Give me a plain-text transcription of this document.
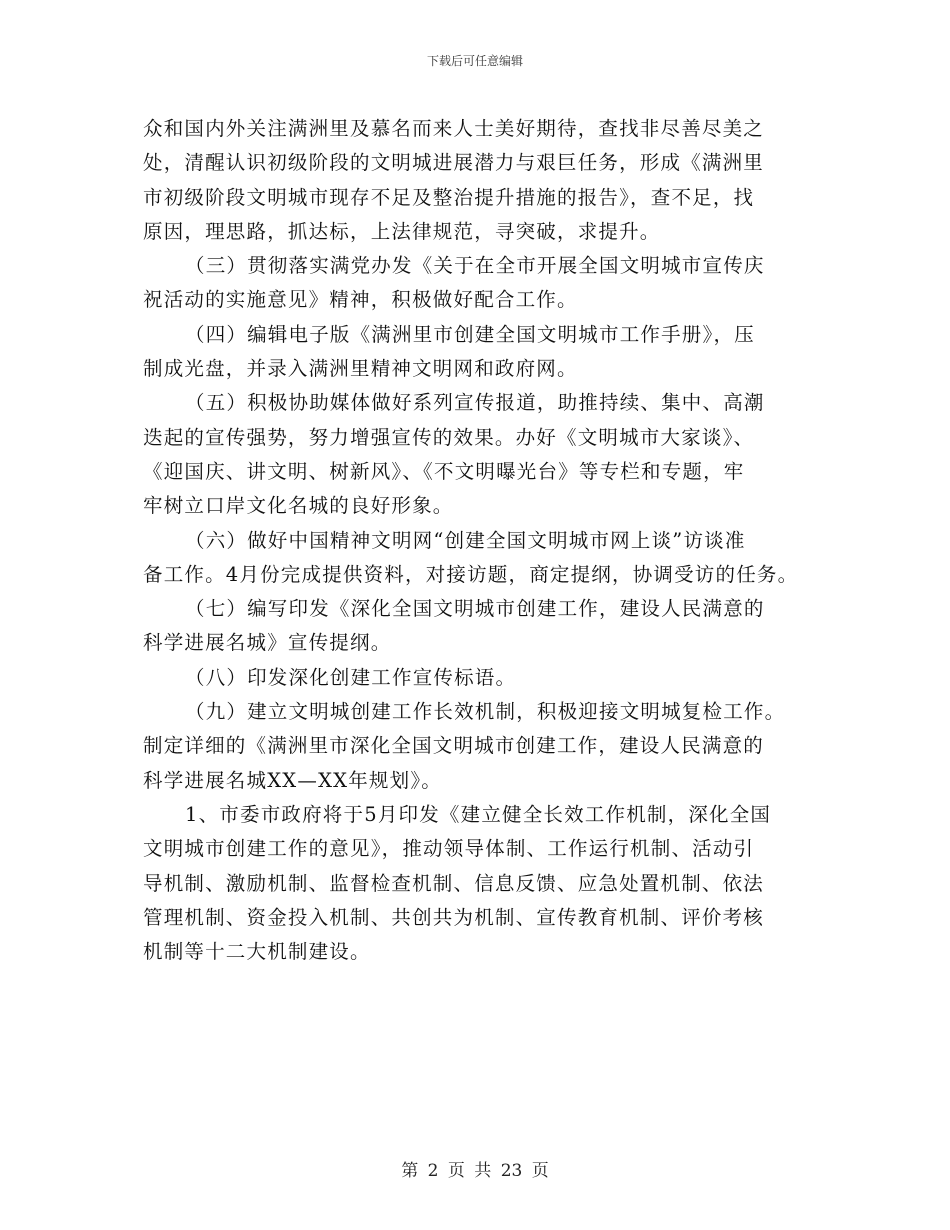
下载后可任意编辑
众和国内外关注满洲里及慕名而来人士美好期待，查找非尽善尽美之
处，清醒认识初级阶段的文明城进展潜力与艰巨任务，形成《满洲里
市初级阶段文明城市现存不足及整治提升措施的报告》，查不足，找
原因，理思路，抓达标，上法律规范，寻突破，求提升。
（三）贯彻落实满党办发《关于在全市开展全国文明城市宣传庆
祝活动的实施意见》精神，积极做好配合工作。
（四）编辑电子版《满洲里市创建全国文明城市工作手册》，压
制成光盘，并录入满洲里精神文明网和政府网。
（五）积极协助媒体做好系列宣传报道，助推持续、集中、高潮
迭起的宣传强势，努力增强宣传的效果。办好《文明城市大家谈》、
《迎国庆、讲文明、树新风》、《不文明曝光台》等专栏和专题，牢
牢树立口岸文化名城的良好形象。
（六）做好中国精神文明网“创建全国文明城市网上谈”访谈准
备工作。4月份完成提供资料，对接访题，商定提纲，协调受访的任务。
（七）编写印发《深化全国文明城市创建工作，建设人民满意的
科学进展名城》宣传提纲。
（八）印发深化创建工作宣传标语。
（九）建立文明城创建工作长效机制，积极迎接文明城复检工作。
制定详细的《满洲里市深化全国文明城市创建工作，建设人民满意的
科学进展名城XX—XX年规划》。
1、市委市政府将于5月印发《建立健全长效工作机制，深化全国
文明城市创建工作的意见》，推动领导体制、工作运行机制、活动引
导机制、激励机制、监督检查机制、信息反馈、应急处置机制、依法
管理机制、资金投入机制、共创共为机制、宣传教育机制、评价考核
机制等十二大机制建设。
第 2 页 共 23 页
